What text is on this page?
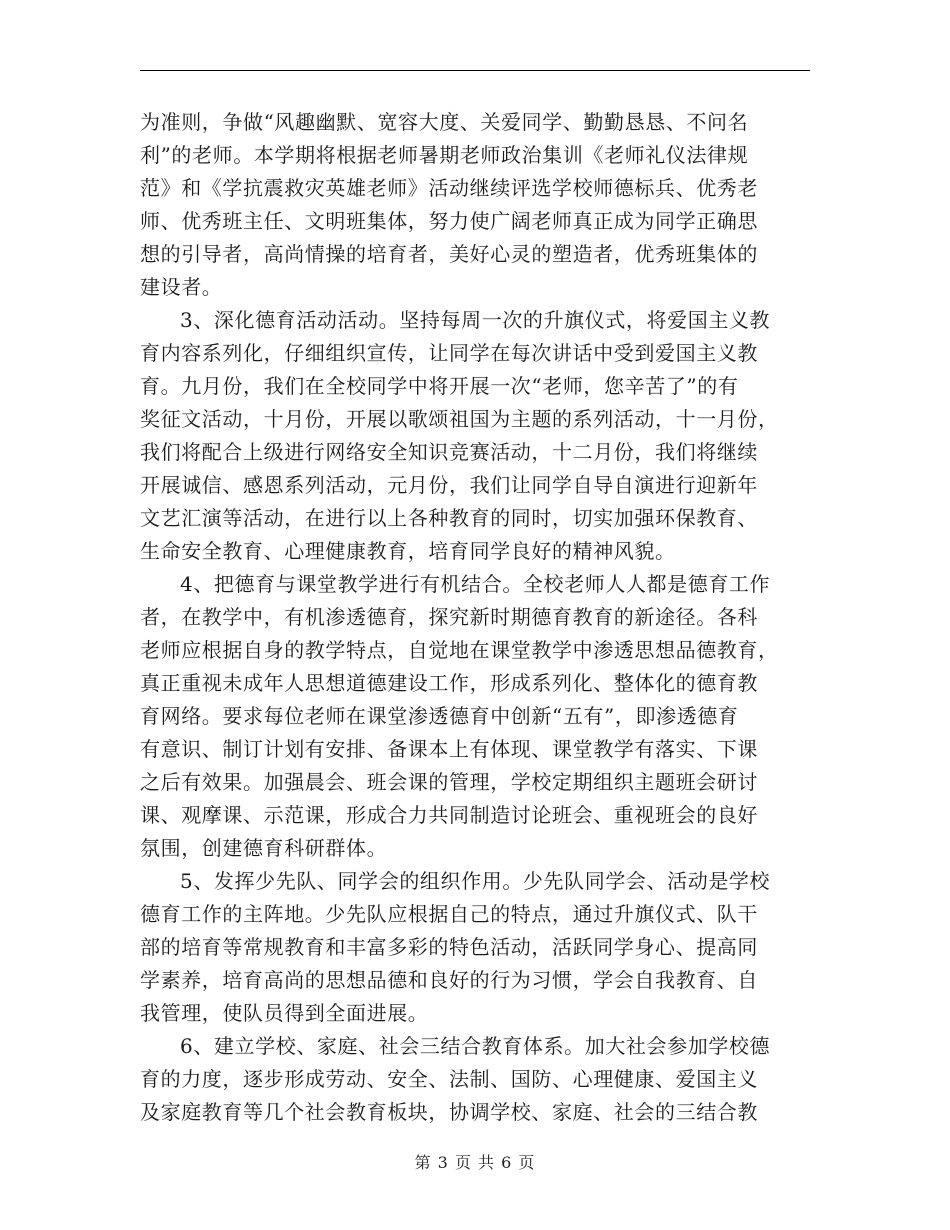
为准则，争做“风趣幽默、宽容大度、关爱同学、勤勤恳恳、不问名
利”的老师。本学期将根据老师暑期老师政治集训《老师礼仪法律规
范》和《学抗震救灾英雄老师》活动继续评选学校师德标兵、优秀老
师、优秀班主任、文明班集体，努力使广阔老师真正成为同学正确思
想的引导者，高尚情操的培育者，美好心灵的塑造者，优秀班集体的
建设者。
3、深化德育活动活动。坚持每周一次的升旗仪式，将爱国主义教
育内容系列化，仔细组织宣传，让同学在每次讲话中受到爱国主义教
育。九月份，我们在全校同学中将开展一次“老师，您辛苦了”的有
奖征文活动，十月份，开展以歌颂祖国为主题的系列活动，十一月份，
我们将配合上级进行网络安全知识竞赛活动，十二月份，我们将继续
开展诚信、感恩系列活动，元月份，我们让同学自导自演进行迎新年
文艺汇演等活动，在进行以上各种教育的同时，切实加强环保教育、
生命安全教育、心理健康教育，培育同学良好的精神风貌。
4、把德育与课堂教学进行有机结合。全校老师人人都是德育工作
者，在教学中，有机渗透德育，探究新时期德育教育的新途径。各科
老师应根据自身的教学特点，自觉地在课堂教学中渗透思想品德教育，
真正重视未成年人思想道德建设工作，形成系列化、整体化的德育教
育网络。要求每位老师在课堂渗透德育中创新“五有”，即渗透德育
有意识、制订计划有安排、备课本上有体现、课堂教学有落实、下课
之后有效果。加强晨会、班会课的管理，学校定期组织主题班会研讨
课、观摩课、示范课，形成合力共同制造讨论班会、重视班会的良好
氛围，创建德育科研群体。
5、发挥少先队、同学会的组织作用。少先队同学会、活动是学校
德育工作的主阵地。少先队应根据自己的特点，通过升旗仪式、队干
部的培育等常规教育和丰富多彩的特色活动，活跃同学身心、提高同
学素养，培育高尚的思想品德和良好的行为习惯，学会自我教育、自
我管理，使队员得到全面进展。
6、建立学校、家庭、社会三结合教育体系。加大社会参加学校德
育的力度，逐步形成劳动、安全、法制、国防、心理健康、爱国主义
及家庭教育等几个社会教育板块，协调学校、家庭、社会的三结合教
第 3 页 共 6 页
